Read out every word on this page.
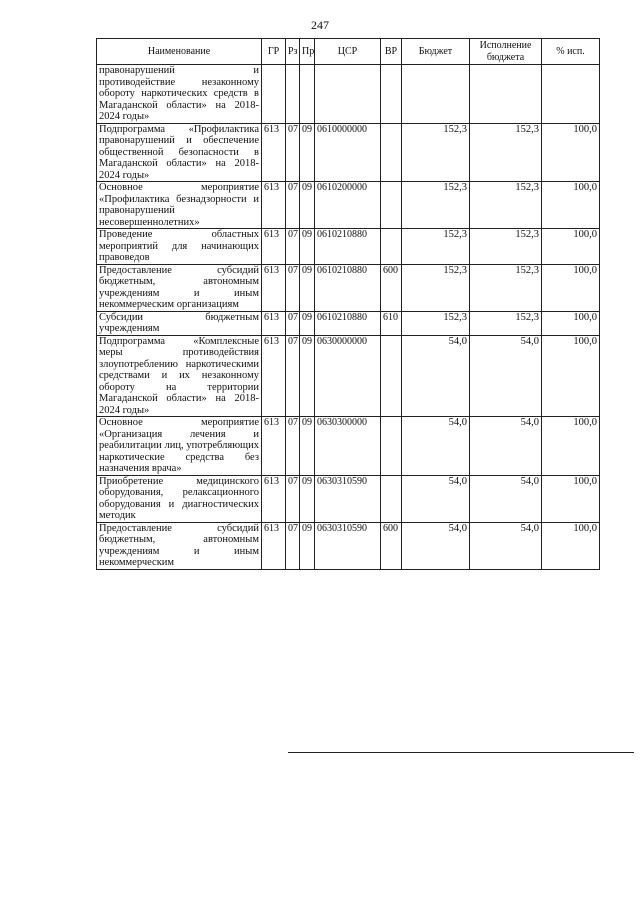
247
Наименование	ГР	Рз	Пр	ЦСР	ВР	Бюджет	Исполнение бюджета	% исп.
правонарушений и противодействие незаконному обороту наркотических средств в Магаданской области» на 2018-2024 годы»								
Подпрограмма «Профилактика правонарушений и обеспечение общественной безопасности в Магаданской области» на 2018-2024 годы»	613	07	09	0610000000		152,3	152,3	100,0
Основное мероприятие «Профилактика безнадзорности и правонарушений несовершеннолетних»	613	07	09	0610200000		152,3	152,3	100,0
Проведение областных мероприятий для начинающих правоведов	613	07	09	0610210880		152,3	152,3	100,0
Предоставление субсидий бюджетным, автономным учреждениям и иным некоммерческим организациям	613	07	09	0610210880	600	152,3	152,3	100,0
Субсидии бюджетным учреждениям	613	07	09	0610210880	610	152,3	152,3	100,0
Подпрограмма «Комплексные меры противодействия злоупотреблению наркотическими средствами и их незаконному обороту на территории Магаданской области» на 2018-2024 годы»	613	07	09	0630000000		54,0	54,0	100,0
Основное мероприятие «Организация лечения и реабилитации лиц, употребляющих наркотические средства без назначения врача»	613	07	09	0630300000		54,0	54,0	100,0
Приобретение медицинского оборудования, релаксационного оборудования и диагностических методик	613	07	09	0630310590		54,0	54,0	100,0
Предоставление субсидий бюджетным, автономным учреждениям и иным некоммерческим	613	07	09	0630310590	600	54,0	54,0	100,0
